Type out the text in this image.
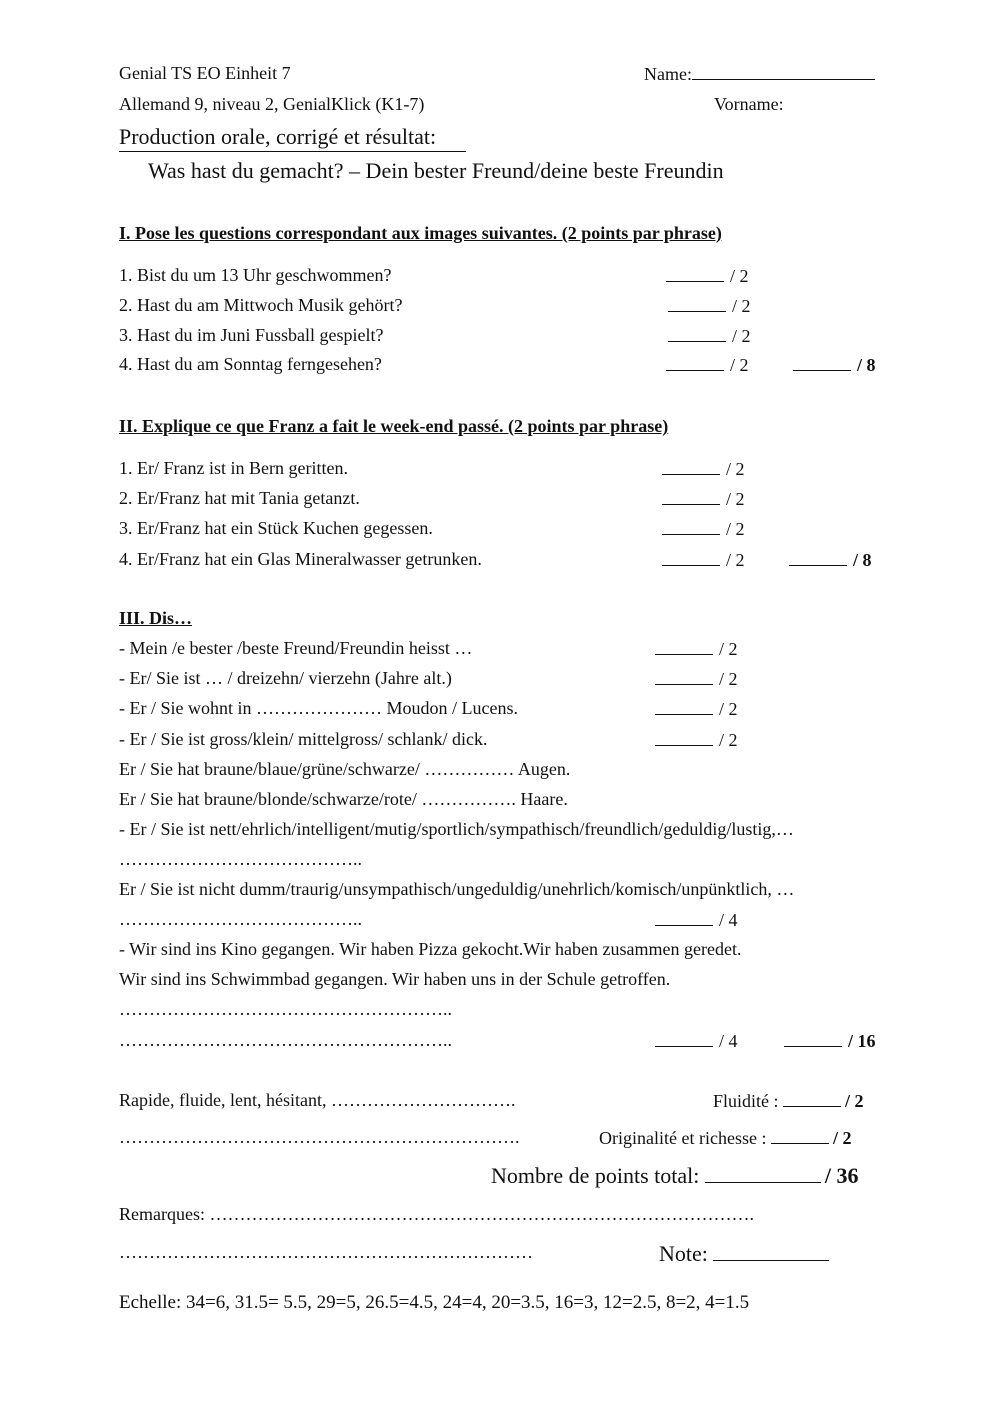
Genial TS EO Einheit 7	Name:
Allemand 9, niveau 2, GenialKlick (K1-7)	Vorname:
Production orale, corrigé et résultat:
Was hast du gemacht? – Dein bester Freund/deine beste Freundin
I. Pose les questions correspondant aux images suivantes. (2 points par phrase)
1. Bist du um 13 Uhr geschwommen?	/ 2
2. Hast du am Mittwoch Musik gehört?	/ 2
3. Hast du im Juni Fussball gespielt?	/ 2
4. Hast du am Sonntag ferngesehen?	/ 2	/ 8
II. Explique ce que Franz a fait le week-end passé. (2 points par phrase)
1. Er/ Franz ist in Bern geritten.	/ 2
2. Er/Franz hat mit Tania getanzt.	/ 2
3. Er/Franz hat ein Stück Kuchen gegessen.	/ 2
4. Er/Franz hat ein Glas Mineralwasser getrunken.	/ 2	/ 8
III. Dis…
- Mein /e bester /beste Freund/Freundin heisst …	/ 2
- Er/ Sie ist … / dreizehn/ vierzehn (Jahre alt.)	/ 2
- Er / Sie wohnt in ………………… Moudon / Lucens.	/ 2
- Er / Sie ist gross/klein/ mittelgross/ schlank/ dick.	/ 2
Er / Sie hat braune/blaue/grüne/schwarze/ …………… Augen.
Er / Sie hat braune/blonde/schwarze/rote/ ……………. Haare.
- Er / Sie ist nett/ehrlich/intelligent/mutig/sportlich/sympathisch/freundlich/geduldig/lustig,…
…………………………………..
Er / Sie ist nicht dumm/traurig/unsympathisch/ungeduldig/unehrlich/komisch/unpünktlich, …
…………………………………..	/ 4
- Wir sind ins Kino gegangen. Wir haben Pizza gekocht.Wir haben zusammen geredet.
Wir sind ins Schwimmbad gegangen. Wir haben uns in der Schule getroffen.
………………………………………………..
………………………………………………..	/ 4	/ 16
Rapide, fluide, lent, hésitant, ………………………….	Fluidité :	/ 2
………………………………………………………….	Originalité et richesse :	/ 2
Nombre de points total:	/ 36
Remarques: ……………………………………………………………………………….
……………………………………………………………	Note:
Echelle: 34=6, 31.5= 5.5, 29=5, 26.5=4.5, 24=4, 20=3.5, 16=3, 12=2.5, 8=2, 4=1.5
